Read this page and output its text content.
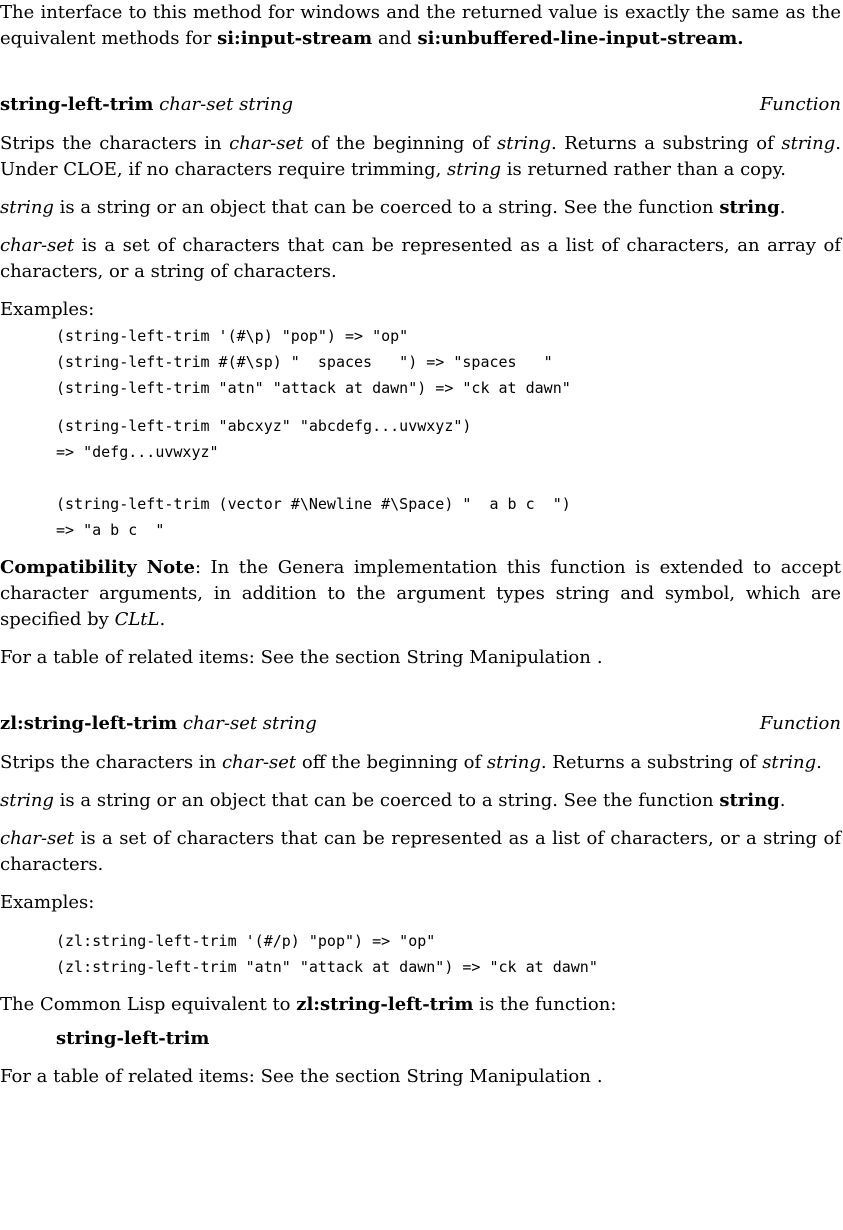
The interface to this method for windows and the returned value is exactly the same as the equivalent methods for si:input-stream and si:unbuffered-line-input-stream.

string-left-trim char-set string	Function

Strips the characters in char-set of the beginning of string. Returns a substring of string. Under CLOE, if no characters require trimming, string is returned rather than a copy.

string is a string or an object that can be coerced to a string. See the function string.

char-set is a set of characters that can be represented as a list of characters, an array of characters, or a string of characters.

Examples:

(string-left-trim '(#\p) "pop") => "op"
(string-left-trim #(#\sp) "  spaces   ") => "spaces   "
(string-left-trim "atn" "attack at dawn") => "ck at dawn"
(string-left-trim "abcxyz" "abcdefg...uvwxyz")
=> "defg...uvwxyz"
(string-left-trim (vector #\Newline #\Space) "  a b c  ")
=> "a b c  "

Compatibility Note: In the Genera implementation this function is extended to accept character arguments, in addition to the argument types string and symbol, which are specified by CLtL.

For a table of related items: See the section String Manipulation .

zl:string-left-trim char-set string	Function

Strips the characters in char-set off the beginning of string. Returns a substring of string.

string is a string or an object that can be coerced to a string. See the function string.

char-set is a set of characters that can be represented as a list of characters, or a string of characters.

Examples:

(zl:string-left-trim '(#/p) "pop") => "op"
(zl:string-left-trim "atn" "attack at dawn") => "ck at dawn"

The Common Lisp equivalent to zl:string-left-trim is the function:

string-left-trim

For a table of related items: See the section String Manipulation .
